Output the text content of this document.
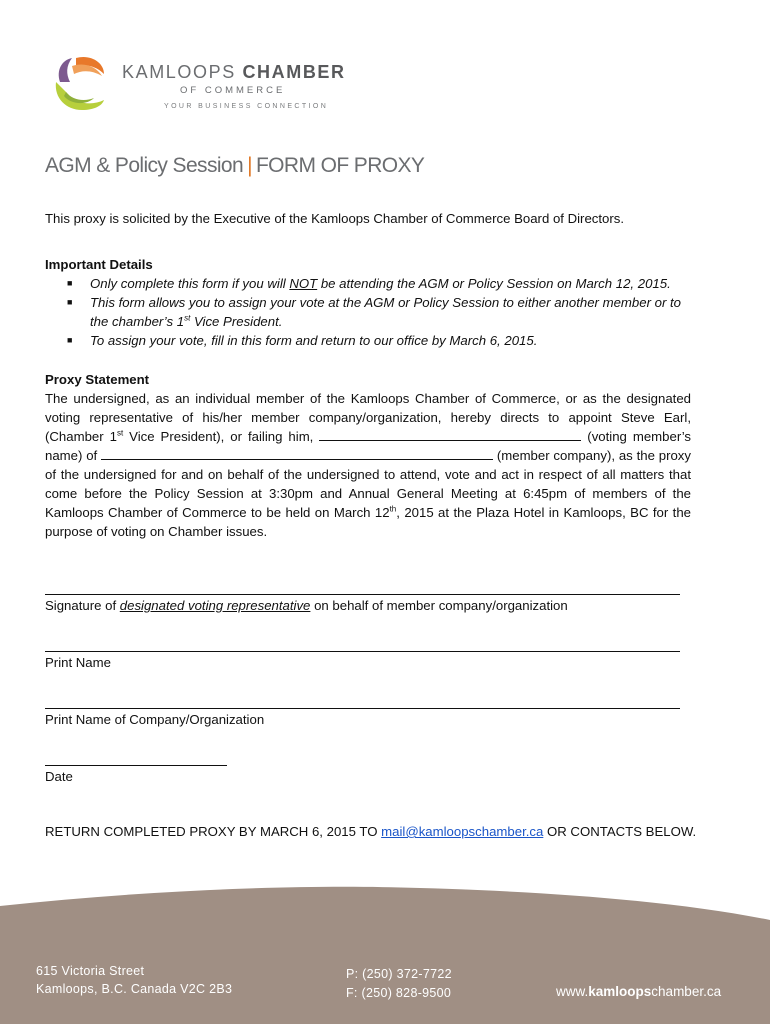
KAMLOOPS CHAMBER
OF COMMERCE
YOUR BUSINESS CONNECTION
AGM & Policy Session | FORM OF PROXY
This proxy is solicited by the Executive of the Kamloops Chamber of Commerce Board of Directors.
Important Details
■ Only complete this form if you will NOT be attending the AGM or Policy Session on March 12, 2015.
■ This form allows you to assign your vote at the AGM or Policy Session to either another member or to the chamber’s 1st Vice President.
■ To assign your vote, fill in this form and return to our office by March 6, 2015.
Proxy Statement
The undersigned, as an individual member of the Kamloops Chamber of Commerce, or as the designated voting representative of his/her member company/organization, hereby directs to appoint Steve Earl, (Chamber 1st Vice President), or failing him,	(voting member’s name) of	(member company), as the proxy of the undersigned for and on behalf of the undersigned to attend, vote and act in respect of all matters that come before the Policy Session at 3:30pm and Annual General Meeting at 6:45pm of members of the Kamloops Chamber of Commerce to be held on March 12th, 2015 at the Plaza Hotel in Kamloops, BC for the purpose of voting on Chamber issues.
Signature of designated voting representative on behalf of member company/organization
Print Name
Print Name of Company/Organization
Date
RETURN COMPLETED PROXY BY MARCH 6, 2015 TO mail@kamloopschamber.ca OR CONTACTS BELOW.
615 Victoria Street
Kamloops, B.C. Canada V2C 2B3
P: (250) 372-7722
F: (250) 828-9500	www.kamloopschamber.ca
